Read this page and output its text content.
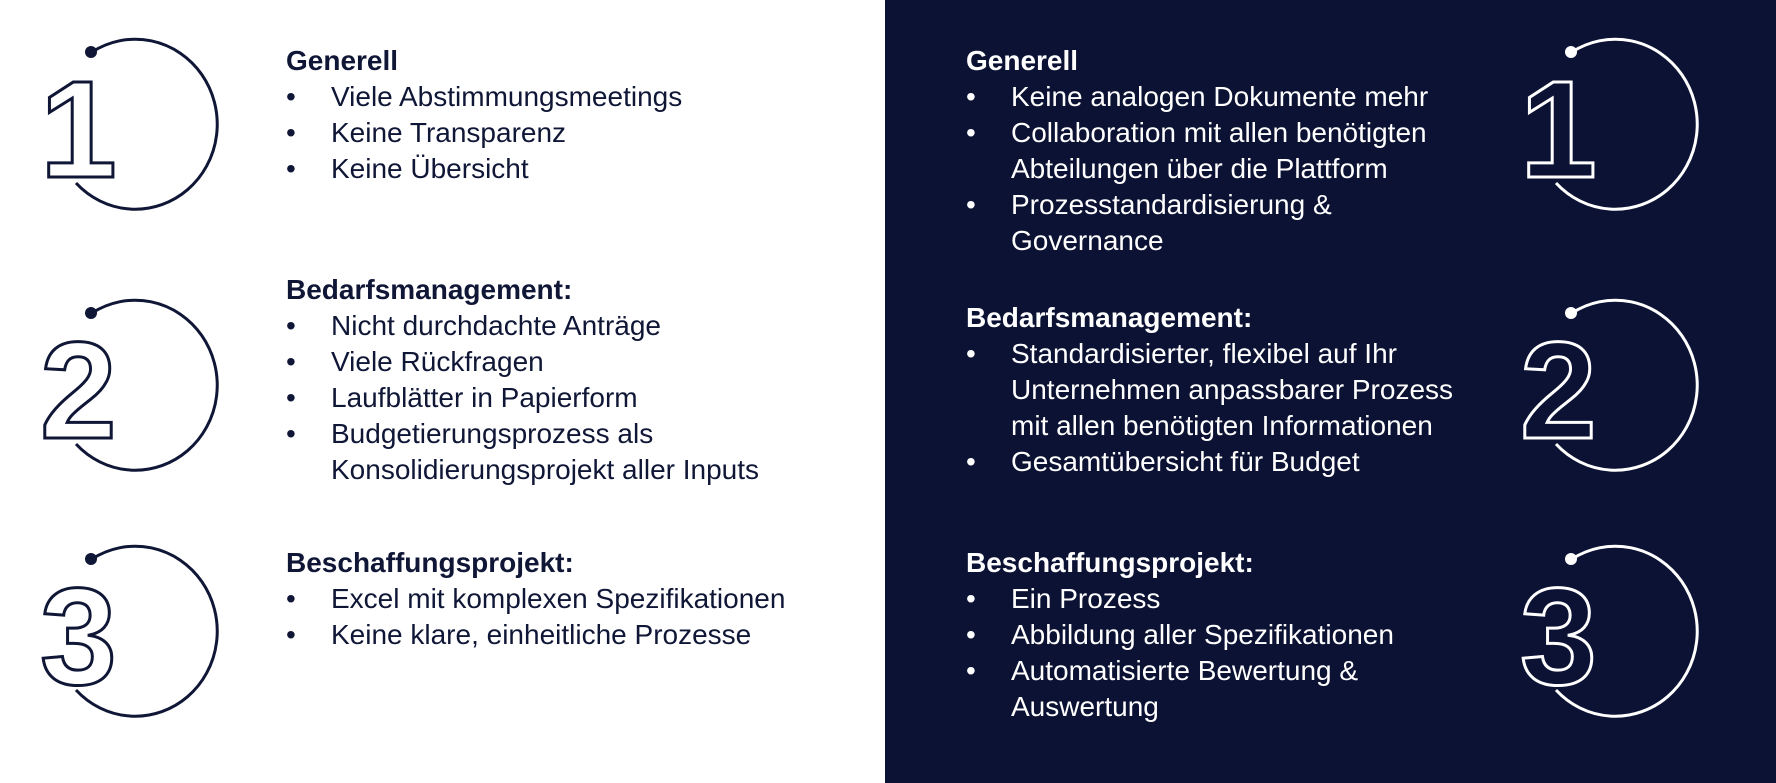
1	Generell
• Viele Abstimmungsmeetings
• Keine Transparenz
• Keine Übersicht
2
Bedarfsmanagement:
• Nicht durchdachte Anträge
• Viele Rückfragen
• Laufblätter in Papierform
• Budgetierungsprozess als Konsolidierungsprojekt aller Inputs
3	Beschaffungsprojekt:
• Excel mit komplexen Spezifikationen
• Keine klare, einheitliche Prozesse
Generell
• Keine analogen Dokumente mehr
• Collaboration mit allen benötigten Abteilungen über die Plattform
• Prozesstandardisierung & Governance
1
Bedarfsmanagement:
• Standardisierter, flexibel auf Ihr Unternehmen anpassbarer Prozess mit allen benötigten Informationen
• Gesamtübersicht für Budget	2
Beschaffungsprojekt:
• Ein Prozess
• Abbildung aller Spezifikationen
• Automatisierte Bewertung & Auswertung	3
